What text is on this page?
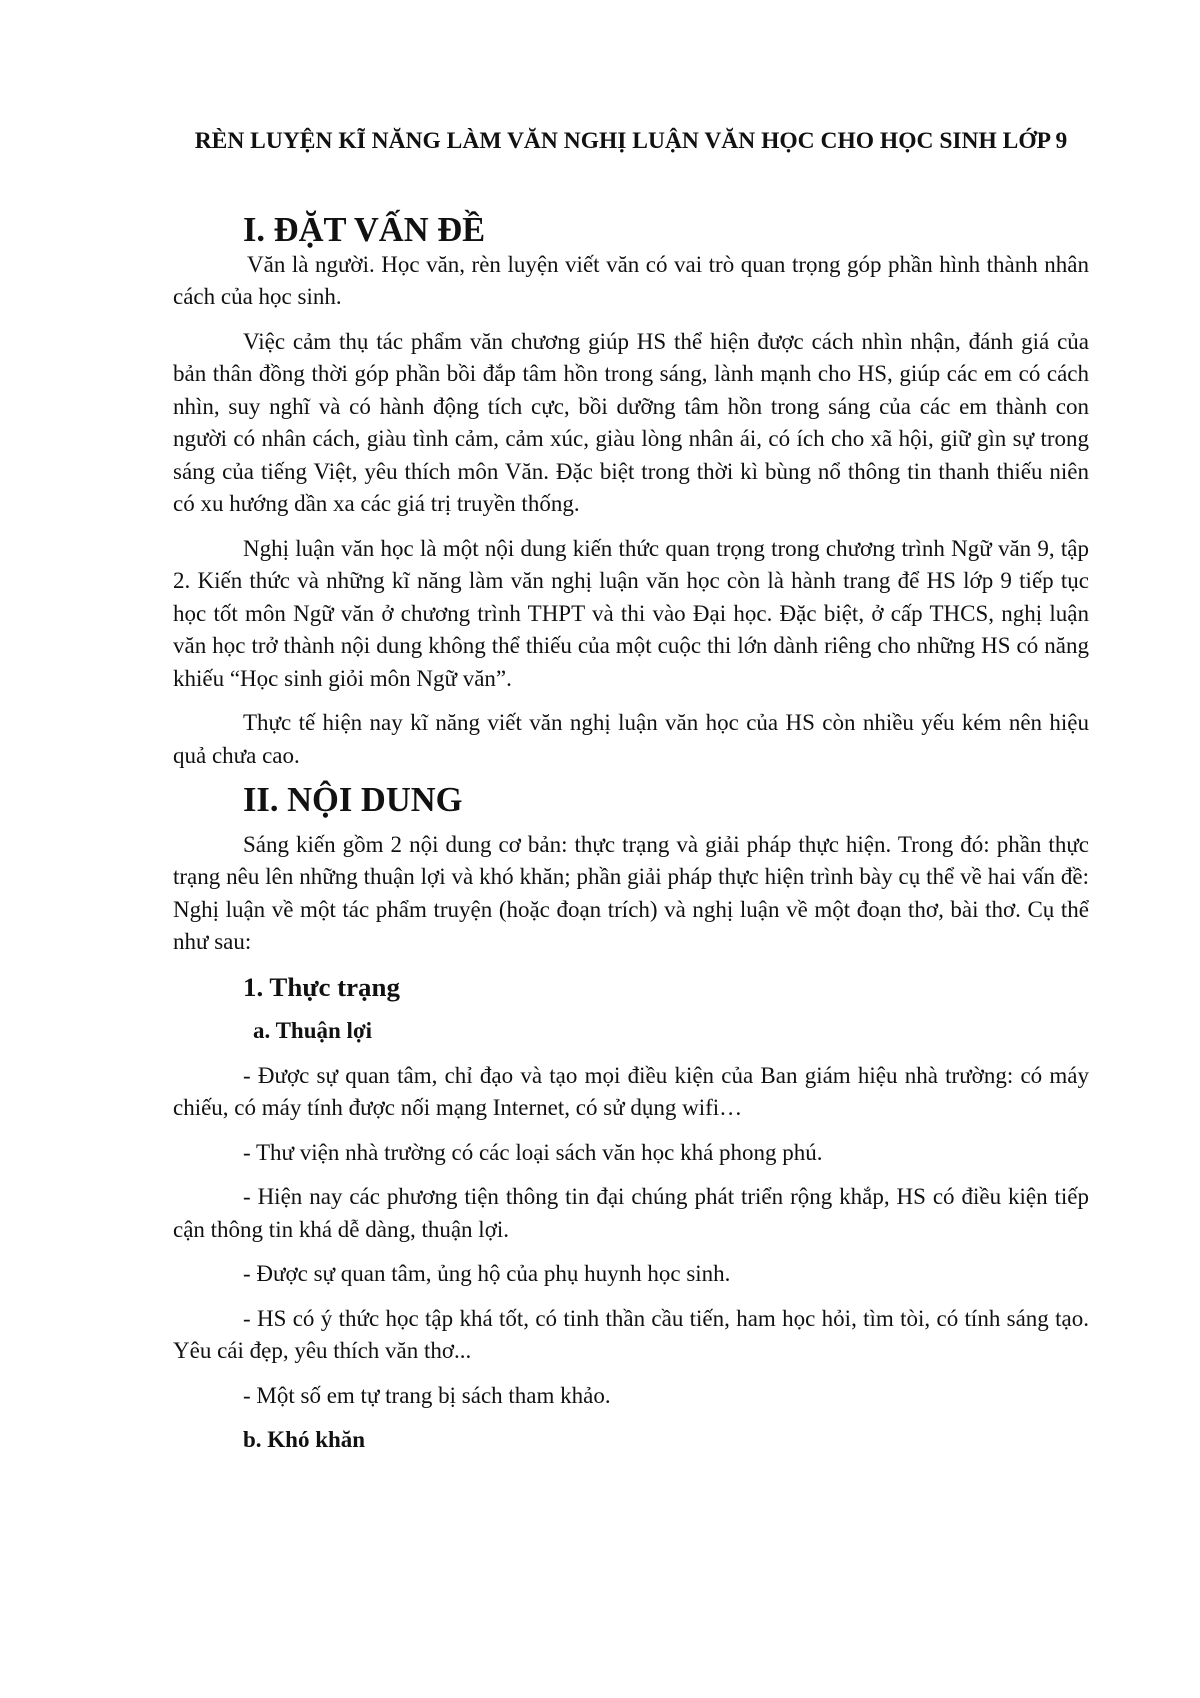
RÈN LUYỆN KĨ NĂNG LÀM VĂN NGHỊ LUẬN VĂN HỌC CHO HỌC SINH LỚP 9
I. ĐẶT VẤN ĐỀ

Văn là người. Học văn, rèn luyện viết văn có vai trò quan trọng góp phần hình thành nhân cách của học sinh.

Việc cảm thụ tác phẩm văn chương giúp HS thể hiện được cách nhìn nhận, đánh giá của bản thân đồng thời góp phần bồi đắp tâm hồn trong sáng, lành mạnh cho HS, giúp các em có cách nhìn, suy nghĩ và có hành động tích cực, bồi dưỡng tâm hồn trong sáng của các em thành con người có nhân cách, giàu tình cảm, cảm xúc, giàu lòng nhân ái, có ích cho xã hội, giữ gìn sự trong sáng của tiếng Việt, yêu thích môn Văn. Đặc biệt trong thời kì bùng nổ thông tin thanh thiếu niên có xu hướng dần xa các giá trị truyền thống.

Nghị luận văn học là một nội dung kiến thức quan trọng trong chương trình Ngữ văn 9, tập 2. Kiến thức và những kĩ năng làm văn nghị luận văn học còn là hành trang để HS lớp 9 tiếp tục học tốt môn Ngữ văn ở chương trình THPT và thi vào Đại học. Đặc biệt, ở cấp THCS, nghị luận văn học trở thành nội dung không thể thiếu của một cuộc thi lớn dành riêng cho những HS có năng khiếu “Học sinh giỏi môn Ngữ văn”.

Thực tế hiện nay kĩ năng viết văn nghị luận văn học của HS còn nhiều yếu kém nên hiệu quả chưa cao.

II. NỘI DUNG

Sáng kiến gồm 2 nội dung cơ bản: thực trạng và giải pháp thực hiện. Trong đó: phần thực trạng nêu lên những thuận lợi và khó khăn; phần giải pháp thực hiện trình bày cụ thể về hai vấn đề: Nghị luận về một tác phẩm truyện (hoặc đoạn trích) và nghị luận về một đoạn thơ, bài thơ. Cụ thể như sau:

1. Thực trạng
a. Thuận lợi

- Được sự quan tâm, chỉ đạo và tạo mọi điều kiện của Ban giám hiệu nhà trường: có máy chiếu, có máy tính được nối mạng Internet, có sử dụng wifi…

- Thư viện nhà trường có các loại sách văn học khá phong phú.

- Hiện nay các phương tiện thông tin đại chúng phát triển rộng khắp, HS có điều kiện tiếp cận thông tin khá dễ dàng, thuận lợi.

- Được sự quan tâm, ủng hộ của phụ huynh học sinh.

- HS có ý thức học tập khá tốt, có tinh thần cầu tiến, ham học hỏi, tìm tòi, có tính sáng tạo. Yêu cái đẹp, yêu thích văn thơ...

- Một số em tự trang bị sách tham khảo.

b. Khó khăn
